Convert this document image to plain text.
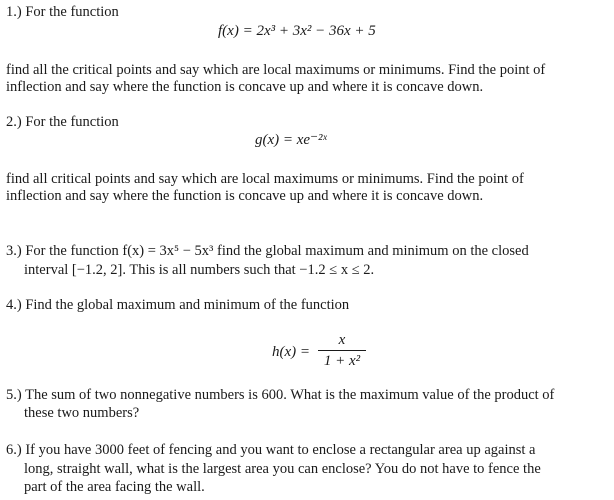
1.) For the function
f(x) = 2x³ + 3x² − 36x + 5
find all the critical points and say which are local maximums or minimums. Find the point of
inflection and say where the function is concave up and where it is concave down.
2.) For the function
g(x) = xe⁻²ˣ
find all critical points and say which are local maximums or minimums. Find the point of
inflection and say where the function is concave up and where it is concave down.
3.) For the function f(x) = 3x⁵ − 5x³ find the global maximum and minimum on the closed
interval [−1.2, 2]. This is all numbers such that −1.2 ≤ x ≤ 2.
4.) Find the global maximum and minimum of the function
h(x) =
x
1 + x²
5.) The sum of two nonnegative numbers is 600. What is the maximum value of the product of
these two numbers?
6.) If you have 3000 feet of fencing and you want to enclose a rectangular area up against a
long, straight wall, what is the largest area you can enclose? You do not have to fence the
part of the area facing the wall.
